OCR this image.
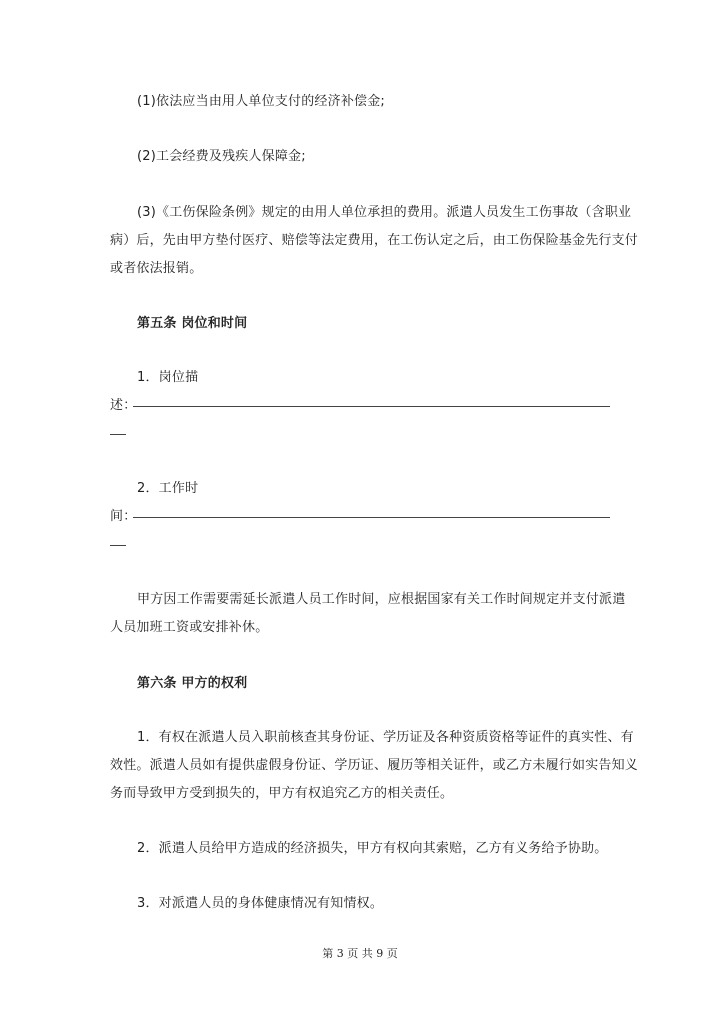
(1)依法应当由用人单位支付的经济补偿金;
(2)工会经费及残疾人保障金;
(3)《工伤保险条例》规定的由用人单位承担的费用。派遣人员发生工伤事故（含职业
病）后，先由甲方垫付医疗、赔偿等法定费用，在工伤认定之后，由工伤保险基金先行支付
或者依法报销。
第五条 岗位和时间
1．岗位描
述：
2．工作时
间：
甲方因工作需要需延长派遣人员工作时间，应根据国家有关工作时间规定并支付派遣
人员加班工资或安排补休。
第六条 甲方的权利
1．有权在派遣人员入职前核查其身份证、学历证及各种资质资格等证件的真实性、有
效性。派遣人员如有提供虚假身份证、学历证、履历等相关证件，或乙方未履行如实告知义
务而导致甲方受到损失的，甲方有权追究乙方的相关责任。
2．派遣人员给甲方造成的经济损失，甲方有权向其索赔，乙方有义务给予协助。
3．对派遣人员的身体健康情况有知情权。
第 3 页 共 9 页
